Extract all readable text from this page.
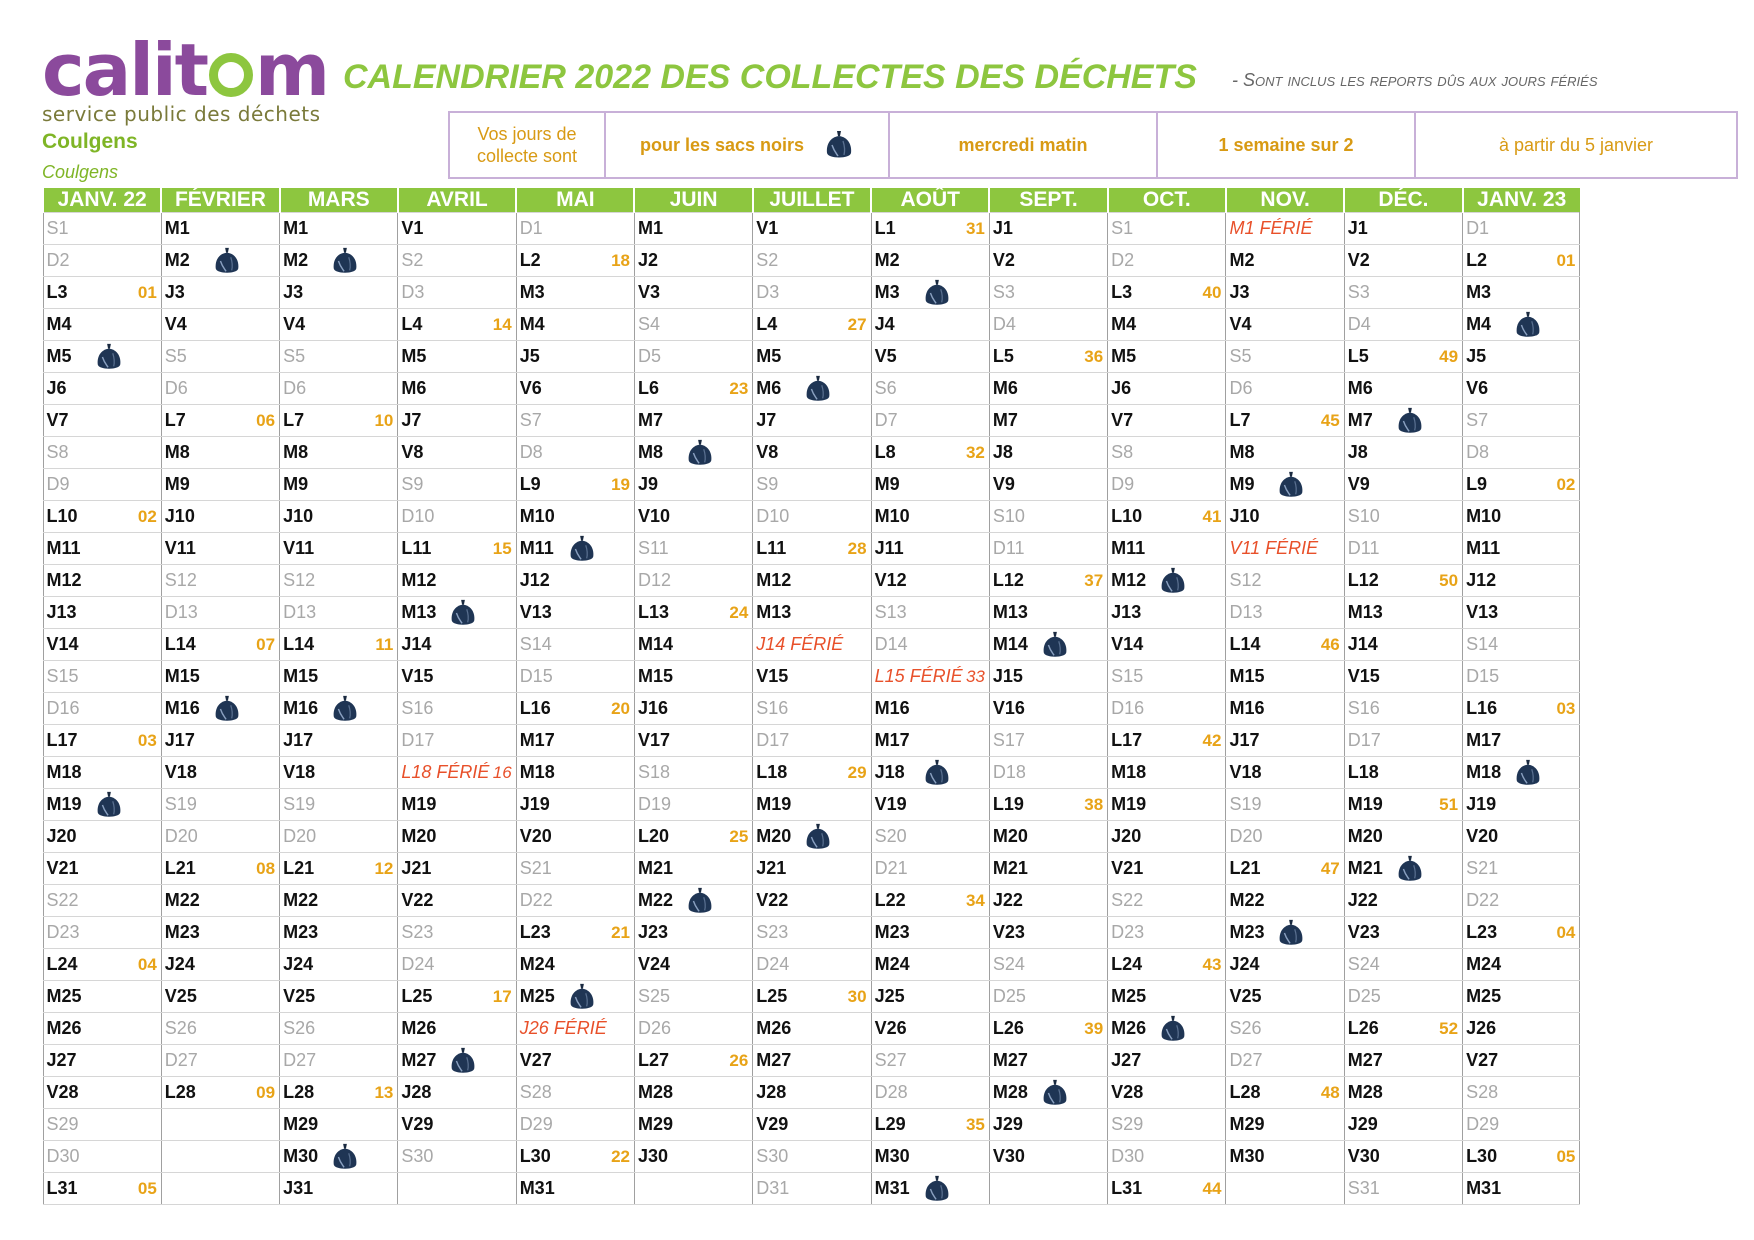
calit m
service public des déchets
Coulgens
Coulgens
CALENDRIER 2022 DES COLLECTES DES DÉCHETS - Sont inclus les reports dûs aux jours fériés
Vos jours de collecte sont
pour les sacs noirs	mercredi matin	1 semaine sur 2	à partir du 5 janvier
JANV. 22	FÉVRIER	MARS	AVRIL	MAI	JUIN	JUILLET	AOÛT	SEPT.	OCT.	NOV.	DÉC.	JANV. 23

S1	M1	M1	V1	D1	M1	V1	L1 31	J1	S1	M1 FÉRIÉ	J1	D1

D2	M2	M2	S2	L2 18	J2	S2	M2	V2	D2	M2	V2	L2 01

L3 01	J3	J3	D3	M3	V3	D3	M3	S3	L3 40	J3	S3	M3

M4	V4	V4	L4 14	M4	S4	L4 27	J4	D4	M4	V4	D4	M4

M5	S5	S5	M5	J5	D5	M5	V5	L5 36	M5	S5	L5 49	J5

J6	D6	D6	M6	V6	L6 23	M6	S6	M6	J6	D6	M6	V6

V7	L7 06	L7 10	J7	S7	M7	J7	D7	M7	V7	L7 45	M7	S7

S8	M8	M8	V8	D8	M8	V8	L8 32	J8	S8	M8	J8	D8

D9	M9	M9	S9	L9 19	J9	S9	M9	V9	D9	M9	V9	L9 02

L10 02	J10	J10	D10	M10	V10	D10	M10	S10	L10 41	J10	S10	M10

M11	V11	V11	L11 15	M11	S11	L11 28	J11	D11	M11	V11 FÉRIÉ	D11	M11

M12	S12	S12	M12	J12	D12	M12	V12	L12 37	M12	S12	L12 50	J12

J13	D13	D13	M13	V13	L13 24	M13	S13	M13	J13	D13	M13	V13

V14	L14 07	L14 11	J14	S14	M14	J14 FÉRIÉ	D14	M14	V14	L14 46	J14	S14

S15	M15	M15	V15	D15	M15	V15	L15 FÉRIÉ 33	J15	S15	M15	V15	D15

D16	M16	M16	S16	L16 20	J16	S16	M16	V16	D16	M16	S16	L16 03

L17 03	J17	J17	D17	M17	V17	D17	M17	S17	L17 42	J17	D17	M17

M18	V18	V18	L18 FÉRIÉ 16	M18	S18	L18 29	J18	D18	M18	V18	L18	M18

M19	S19	S19	M19	J19	D19	M19	V19	L19 38	M19	S19	M19 51	J19

J20	D20	D20	M20	V20	L20 25	M20	S20	M20	J20	D20	M20	V20

V21	L21 08	L21 12	J21	S21	M21	J21	D21	M21	V21	L21 47	M21	S21

S22	M22	M22	V22	D22	M22	V22	L22 34	J22	S22	M22	J22	D22

D23	M23	M23	S23	L23 21	J23	S23	M23	V23	D23	M23	V23	L23 04

L24 04	J24	J24	D24	M24	V24	D24	M24	S24	L24 43	J24	S24	M24

M25	V25	V25	L25 17	M25	S25	L25 30	J25	D25	M25	V25	D25	M25

M26	S26	S26	M26	J26 FÉRIÉ	D26	M26	V26	L26 39	M26	S26	L26 52	J26

J27	D27	D27	M27	V27	L27 26	M27	S27	M27	J27	D27	M27	V27

V28	L28 09	L28 13	J28	S28	M28	J28	D28	M28	V28	L28 48	M28	S28

S29		M29	V29	D29	M29	V29	L29 35	J29	S29	M29	J29	D29

D30		M30	S30	L30 22	J30	S30	M30	V30	D30	M30	V30	L30 05

L31 05		J31		M31		D31	M31		L31 44		S31	M31
